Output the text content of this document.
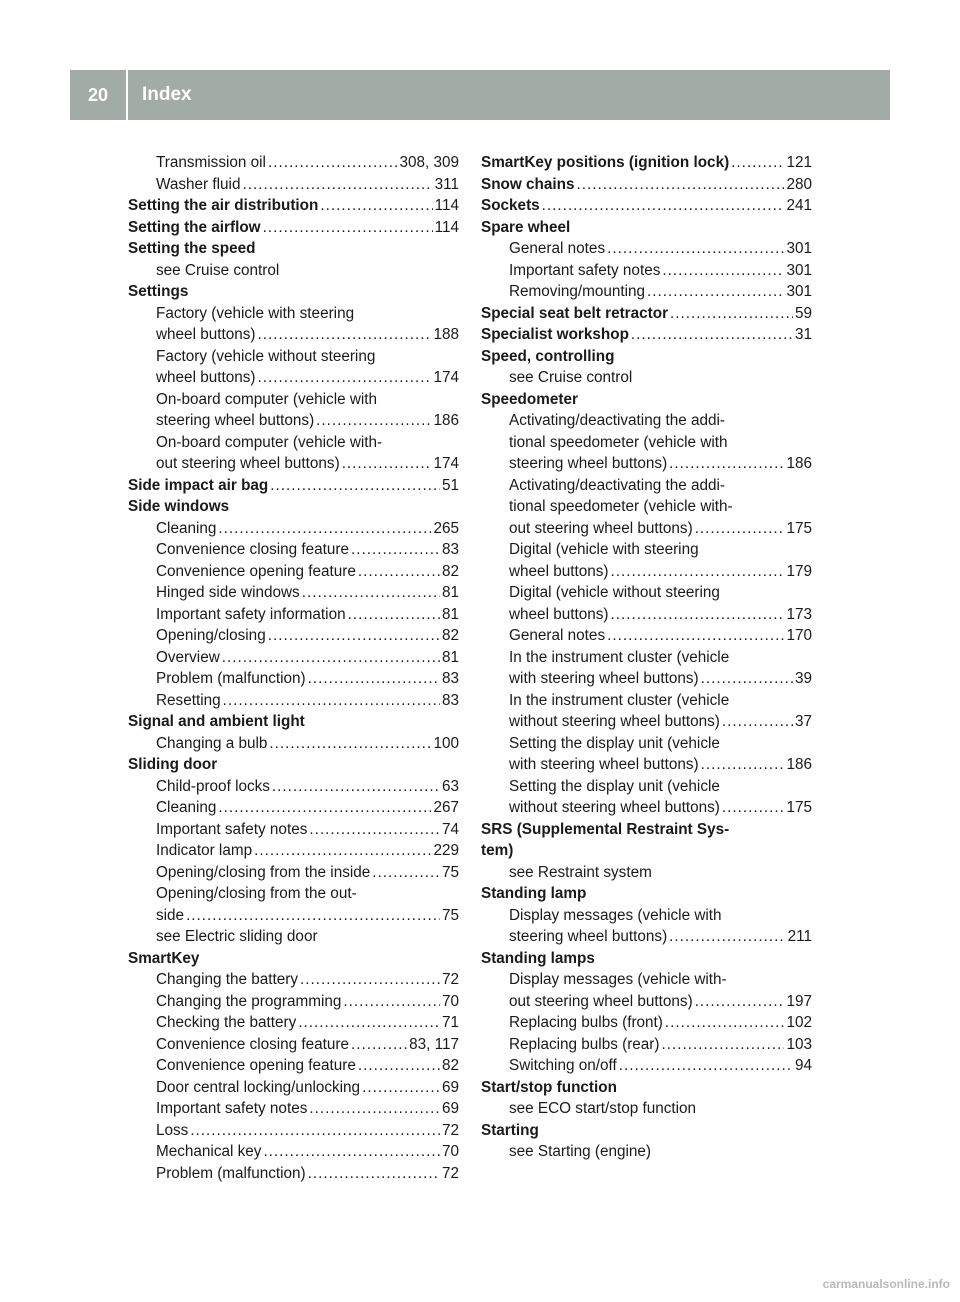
20	Index
Transmission oil .....	308, 309
Washer fluid .....	311
Setting the air distribution .....	114
Setting the airflow .....	114
Setting the speed
see Cruise control
Settings
Factory (vehicle with steering
wheel buttons) .....	188
Factory (vehicle without steering
wheel buttons) .....	174
On-board computer (vehicle with
steering wheel buttons) .....	186
On-board computer (vehicle with-
out steering wheel buttons) .....	174
Side impact air bag .....	51
Side windows
Cleaning .....	265
Convenience closing feature .....	83
Convenience opening feature .....	82
Hinged side windows .....	81
Important safety information .....	81
Opening/closing .....	82
Overview .....	81
Problem (malfunction) .....	83
Resetting .....	83
Signal and ambient light
Changing a bulb .....	100
Sliding door
Child-proof locks .....	63
Cleaning .....	267
Important safety notes .....	74
Indicator lamp .....	229
Opening/closing from the inside .....	75
Opening/closing from the out-
side .....	75
see Electric sliding door
SmartKey
Changing the battery .....	72
Changing the programming .....	70
Checking the battery .....	71
Convenience closing feature .....	83, 117
Convenience opening feature .....	82
Door central locking/unlocking .....	69
Important safety notes .....	69
Loss .....	72
Mechanical key .....	70
Problem (malfunction) .....	72
SmartKey positions (ignition lock) .....	121
Snow chains .....	280
Sockets .....	241
Spare wheel
General notes .....	301
Important safety notes .....	301
Removing/mounting .....	301
Special seat belt retractor .....	59
Specialist workshop .....	31
Speed, controlling
see Cruise control
Speedometer
Activating/deactivating the addi-
tional speedometer (vehicle with
steering wheel buttons) .....	186
Activating/deactivating the addi-
tional speedometer (vehicle with-
out steering wheel buttons) .....	175
Digital (vehicle with steering
wheel buttons) .....	179
Digital (vehicle without steering
wheel buttons) .....	173
General notes .....	170
In the instrument cluster (vehicle
with steering wheel buttons) .....	39
In the instrument cluster (vehicle
without steering wheel buttons) .....	37
Setting the display unit (vehicle
with steering wheel buttons) .....	186
Setting the display unit (vehicle
without steering wheel buttons) .....	175
SRS (Supplemental Restraint Sys-
tem)
see Restraint system
Standing lamp
Display messages (vehicle with
steering wheel buttons) .....	211
Standing lamps
Display messages (vehicle with-
out steering wheel buttons) .....	197
Replacing bulbs (front) .....	102
Replacing bulbs (rear) .....	103
Switching on/off .....	94
Start/stop function
see ECO start/stop function
Starting
see Starting (engine)
carmanualsonline.info
